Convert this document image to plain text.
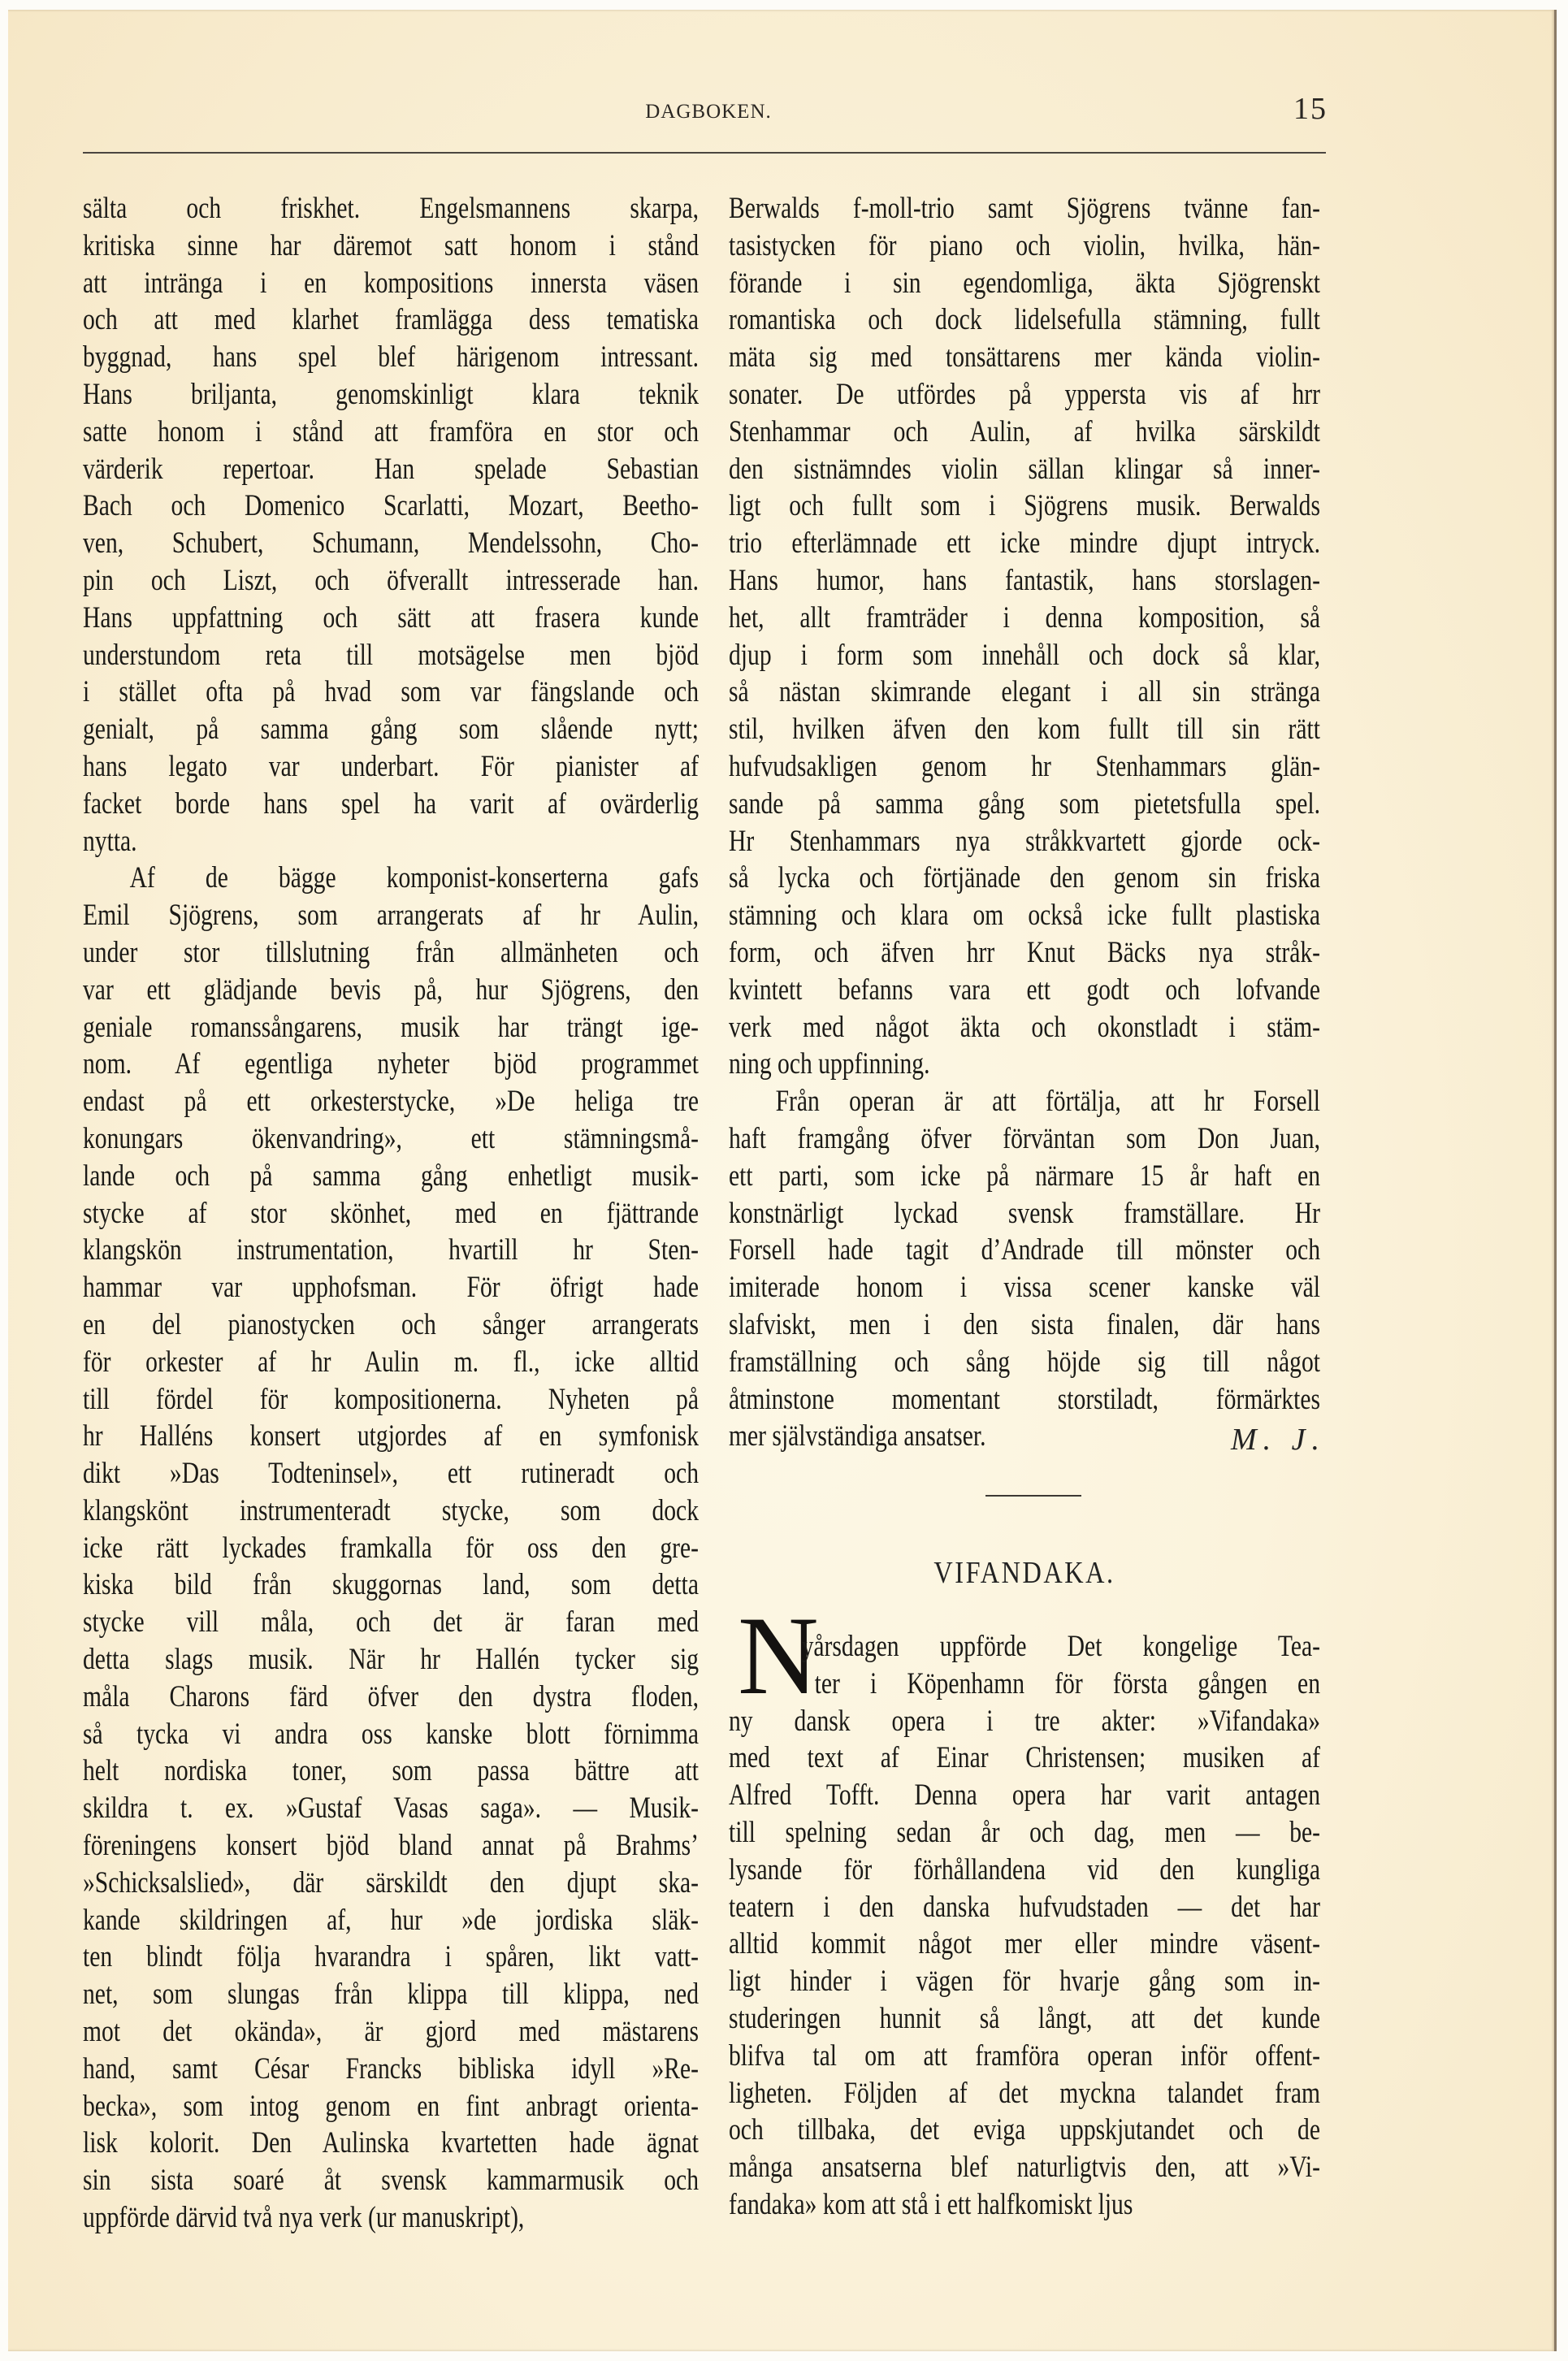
DAGBOKEN.	15
sälta och friskhet. Engelsmannens skarpa,
kritiska sinne har däremot satt honom i stånd
att intränga i en kompositions innersta väsen
och att med klarhet framlägga dess tematiska
byggnad, hans spel blef härigenom intressant.
Hans briljanta, genomskinligt klara teknik
satte honom i stånd att framföra en stor och
värderik repertoar. Han spelade Sebastian
Bach och Domenico Scarlatti, Mozart, Beetho-
ven, Schubert, Schumann, Mendelssohn, Cho-
pin och Liszt, och öfverallt intresserade han.
Hans uppfattning och sätt att frasera kunde
understundom reta till motsägelse men bjöd
i stället ofta på hvad som var fängslande och
genialt, på samma gång som slående nytt;
hans legato var underbart. För pianister af
facket borde hans spel ha varit af ovärderlig
nytta.
Af de bägge komponist-konserterna gafs
Emil Sjögrens, som arrangerats af hr Aulin,
under stor tillslutning från allmänheten och
var ett glädjande bevis på, hur Sjögrens, den
geniale romanssångarens, musik har trängt ige-
nom. Af egentliga nyheter bjöd programmet
endast på ett orkesterstycke, »De heliga tre
konungars ökenvandring», ett stämningsmå-
lande och på samma gång enhetligt musik-
stycke af stor skönhet, med en fjättrande
klangskön instrumentation, hvartill hr Sten-
hammar var upphofsman. För öfrigt hade
en del pianostycken och sånger arrangerats
för orkester af hr Aulin m. fl., icke alltid
till fördel för kompositionerna. Nyheten på
hr Halléns konsert utgjordes af en symfonisk
dikt »Das Todteninsel», ett rutineradt och
klangskönt instrumenteradt stycke, som dock
icke rätt lyckades framkalla för oss den gre-
kiska bild från skuggornas land, som detta
stycke vill måla, och det är faran med
detta slags musik. När hr Hallén tycker sig
måla Charons färd öfver den dystra floden,
så tycka vi andra oss kanske blott förnimma
helt nordiska toner, som passa bättre att
skildra t. ex. »Gustaf Vasas saga». — Musik-
föreningens konsert bjöd bland annat på Brahms’
»Schicksalslied», där särskildt den djupt ska-
kande skildringen af, hur »de jordiska släk-
ten blindt följa hvarandra i spåren, likt vatt-
net, som slungas från klippa till klippa, ned
mot det okända», är gjord med mästarens
hand, samt César Francks bibliska idyll »Re-
becka», som intog genom en fint anbragt orienta-
lisk kolorit. Den Aulinska kvartetten hade ägnat
sin sista soaré åt svensk kammarmusik och
uppförde därvid två nya verk (ur manuskript),
Berwalds f-moll-trio samt Sjögrens tvänne fan-
tasistycken för piano och violin, hvilka, hän-
förande i sin egendomliga, äkta Sjögrenskt
romantiska och dock lidelsefulla stämning, fullt
mäta sig med tonsättarens mer kända violin-
sonater. De utfördes på yppersta vis af hrr
Stenhammar och Aulin, af hvilka särskildt
den sistnämndes violin sällan klingar så inner-
ligt och fullt som i Sjögrens musik. Berwalds
trio efterlämnade ett icke mindre djupt intryck.
Hans humor, hans fantastik, hans storslagen-
het, allt framträder i denna komposition, så
djup i form som innehåll och dock så klar,
så nästan skimrande elegant i all sin stränga
stil, hvilken äfven den kom fullt till sin rätt
hufvudsakligen genom hr Stenhammars glän-
sande på samma gång som pietetsfulla spel.
Hr Stenhammars nya stråkkvartett gjorde ock-
så lycka och förtjänade den genom sin friska
stämning och klara om också icke fullt plastiska
form, och äfven hrr Knut Bäcks nya stråk-
kvintett befanns vara ett godt och lofvande
verk med något äkta och okonstladt i stäm-
ning och uppfinning.
Från operan är att förtälja, att hr Forsell
haft framgång öfver förväntan som Don Juan,
ett parti, som icke på närmare 15 år haft en
konstnärligt lyckad svensk framställare. Hr
Forsell hade tagit d’Andrade till mönster och
imiterade honom i vissa scener kanske väl
slafviskt, men i den sista finalen, där hans
framställning och sång höjde sig till något
åtminstone momentant storstiladt, förmärktes
mer självständiga ansatser.	M. J.
VIFANDAKA.
N
yårsdagen uppförde Det kongelige Tea-
ter i Köpenhamn för första gången en
ny dansk opera i tre akter: »Vifandaka»
med text af Einar Christensen; musiken af
Alfred Tofft. Denna opera har varit antagen
till spelning sedan år och dag, men — be-
lysande för förhållandena vid den kungliga
teatern i den danska hufvudstaden — det har
alltid kommit något mer eller mindre väsent-
ligt hinder i vägen för hvarje gång som in-
studeringen hunnit så långt, att det kunde
blifva tal om att framföra operan inför offent-
ligheten. Följden af det myckna talandet fram
och tillbaka, det eviga uppskjutandet och de
många ansatserna blef naturligtvis den, att »Vi-
fandaka» kom att stå i ett halfkomiskt ljus
